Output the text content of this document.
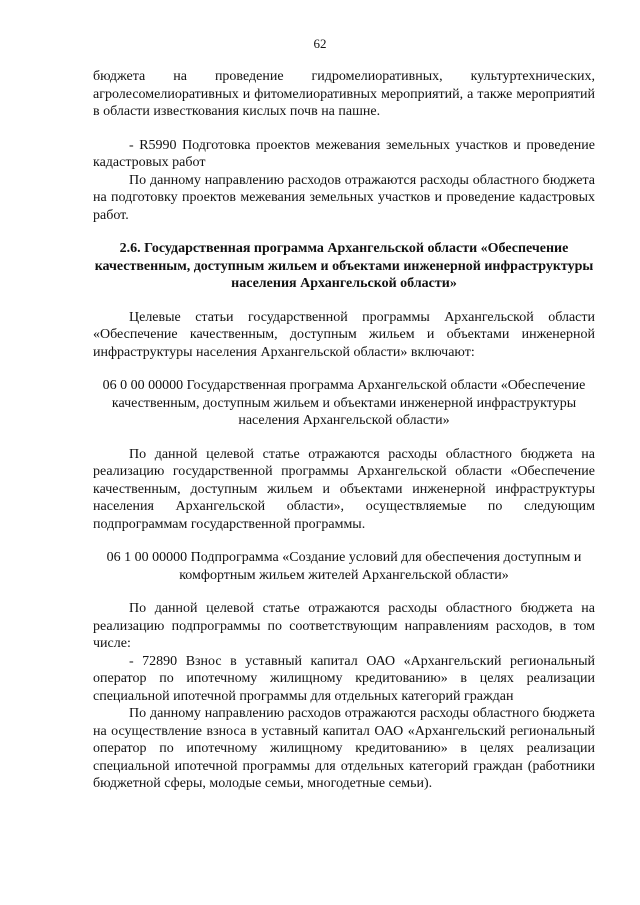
62

бюджета на проведение гидромелиоративных, культуртехнических, агролесомелиоративных и фитомелиоративных мероприятий, а также мероприятий в области известкования кислых почв на пашне.

- R5990 Подготовка проектов межевания земельных участков и проведение кадастровых работ

По данному направлению расходов отражаются расходы областного бюджета на подготовку проектов межевания земельных участков и проведение кадастровых работ.

2.6. Государственная программа Архангельской области «Обеспечение качественным, доступным жильем и объектами инженерной инфраструктуры населения Архангельской области»

Целевые статьи государственной программы Архангельской области «Обеспечение качественным, доступным жильем и объектами инженерной инфраструктуры населения Архангельской области» включают:

06 0 00 00000 Государственная программа Архангельской области «Обеспечение качественным, доступным жильем и объектами инженерной инфраструктуры населения Архангельской области»

По данной целевой статье отражаются расходы областного бюджета на реализацию государственной программы Архангельской области «Обеспечение качественным, доступным жильем и объектами инженерной инфраструктуры населения Архангельской области», осуществляемые по следующим подпрограммам государственной программы.

06 1 00 00000 Подпрограмма «Создание условий для обеспечения доступным и комфортным жильем жителей Архангельской области»

По данной целевой статье отражаются расходы областного бюджета на реализацию подпрограммы по соответствующим направлениям расходов, в том числе:

- 72890 Взнос в уставный капитал ОАО «Архангельский региональный оператор по ипотечному жилищному кредитованию» в целях реализации специальной ипотечной программы для отдельных категорий граждан

По данному направлению расходов отражаются расходы областного бюджета на осуществление взноса в уставный капитал ОАО «Архангельский региональный оператор по ипотечному жилищному кредитованию» в целях реализации специальной ипотечной программы для отдельных категорий граждан (работники бюджетной сферы, молодые семьи, многодетные семьи).
